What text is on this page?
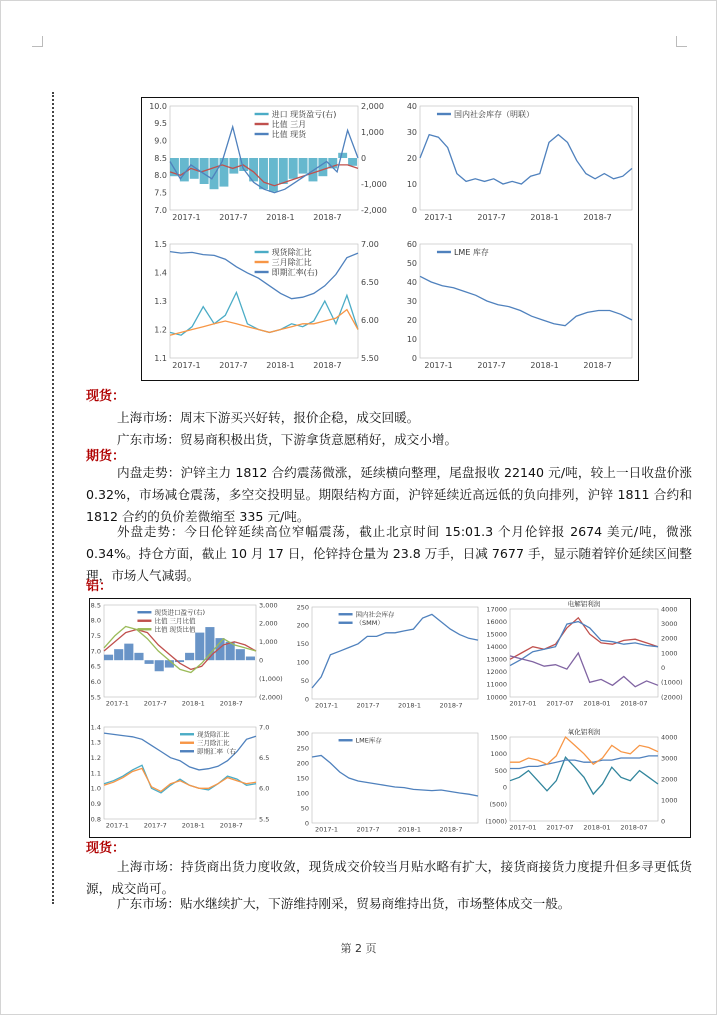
10.0
9.5
9.0
8.5
8.0
7.5
7.0
2,000
1,000
0
-1,000
-2,000
2017-1 2017-7 2018-1 2018-7
进口 现货盈亏(右)
比值 三月
比值 现货
40
30
20
10
0
2017-1	2017-7	2018-1	2018-7
国内社会库存（明联）
1.5
1.4
1.3
1.2
1.1
7.00
6.50
6.00
5.50
2017-1 2017-7 2018-1 2018-7
现货除汇比
三月除汇比
即期汇率(右)
60
50
40
30
20
10
0
2017-1	2017-7	2018-1	2018-7
LME 库存
现货：
上海市场：周末下游买兴好转，报价企稳，成交回暖。
广东市场：贸易商积极出货，下游拿货意愿稍好，成交小增。
期货：
内盘走势：沪锌主力 1812 合约震荡微涨，延续横向整理，尾盘报收 22140 元/吨，较上一日收盘价涨 0.32%，市场减仓震荡，多空交投明显。期限结构方面，沪锌延续近高远低的负向排列，沪锌 1811 合约和 1812 合约的负价差微缩至 335 元/吨。
外盘走势：今日伦锌延续高位窄幅震荡，截止北京时间 15:01.3 个月伦锌报 2674 美元/吨，微涨 0.34%。持仓方面，截止 10 月 17 日，伦锌持仓量为 23.8 万手，日减 7677 手，显示随着锌价延续区间整理，市场人气减弱。
铝：
8.5
8.0
7.5
7.0
6.5
6.0
5.5
3,000
2,000
1,000
0
(1,000)
(2,000)
2017-1 2017-7 2018-1 2018-7
现货进口盈亏(右)
比值 三月比值
比值 现货比值
250
200
150
100
50
0
2017-1	2017-7	2018-1	2018-7
国内社会库存
（SMM）
17000
16000
15000
14000
13000
12000
11000
10000
4000
3000
2000
1000
0
(1000)
(2000)
2017-01 2017-07 2018-01 2018-07
电解铝利润
300
250
200
150
100
50
0
2017-1	2017-7	2018-1	2018-7
LME库存
1.4
1.3
1.2
1.1
1.0
0.9
0.8
7.0
6.5
6.0
5.5
2017-1 2017-7 2018-1 2018-7
现货除汇比
三月除汇比
即期汇率（右
1500
1000
500
0
(500)
(1000)
4000
3000
2000
1000
0
2017-01 2017-07 2018-01 2018-07
氧化铝利润
现货：
上海市场：持货商出货力度收敛，现货成交价较当月贴水略有扩大，接货商接货力度提升但多寻更低货源，成交尚可。
广东市场：贴水继续扩大，下游维持刚采，贸易商维持出货，市场整体成交一般。
第 2 页
